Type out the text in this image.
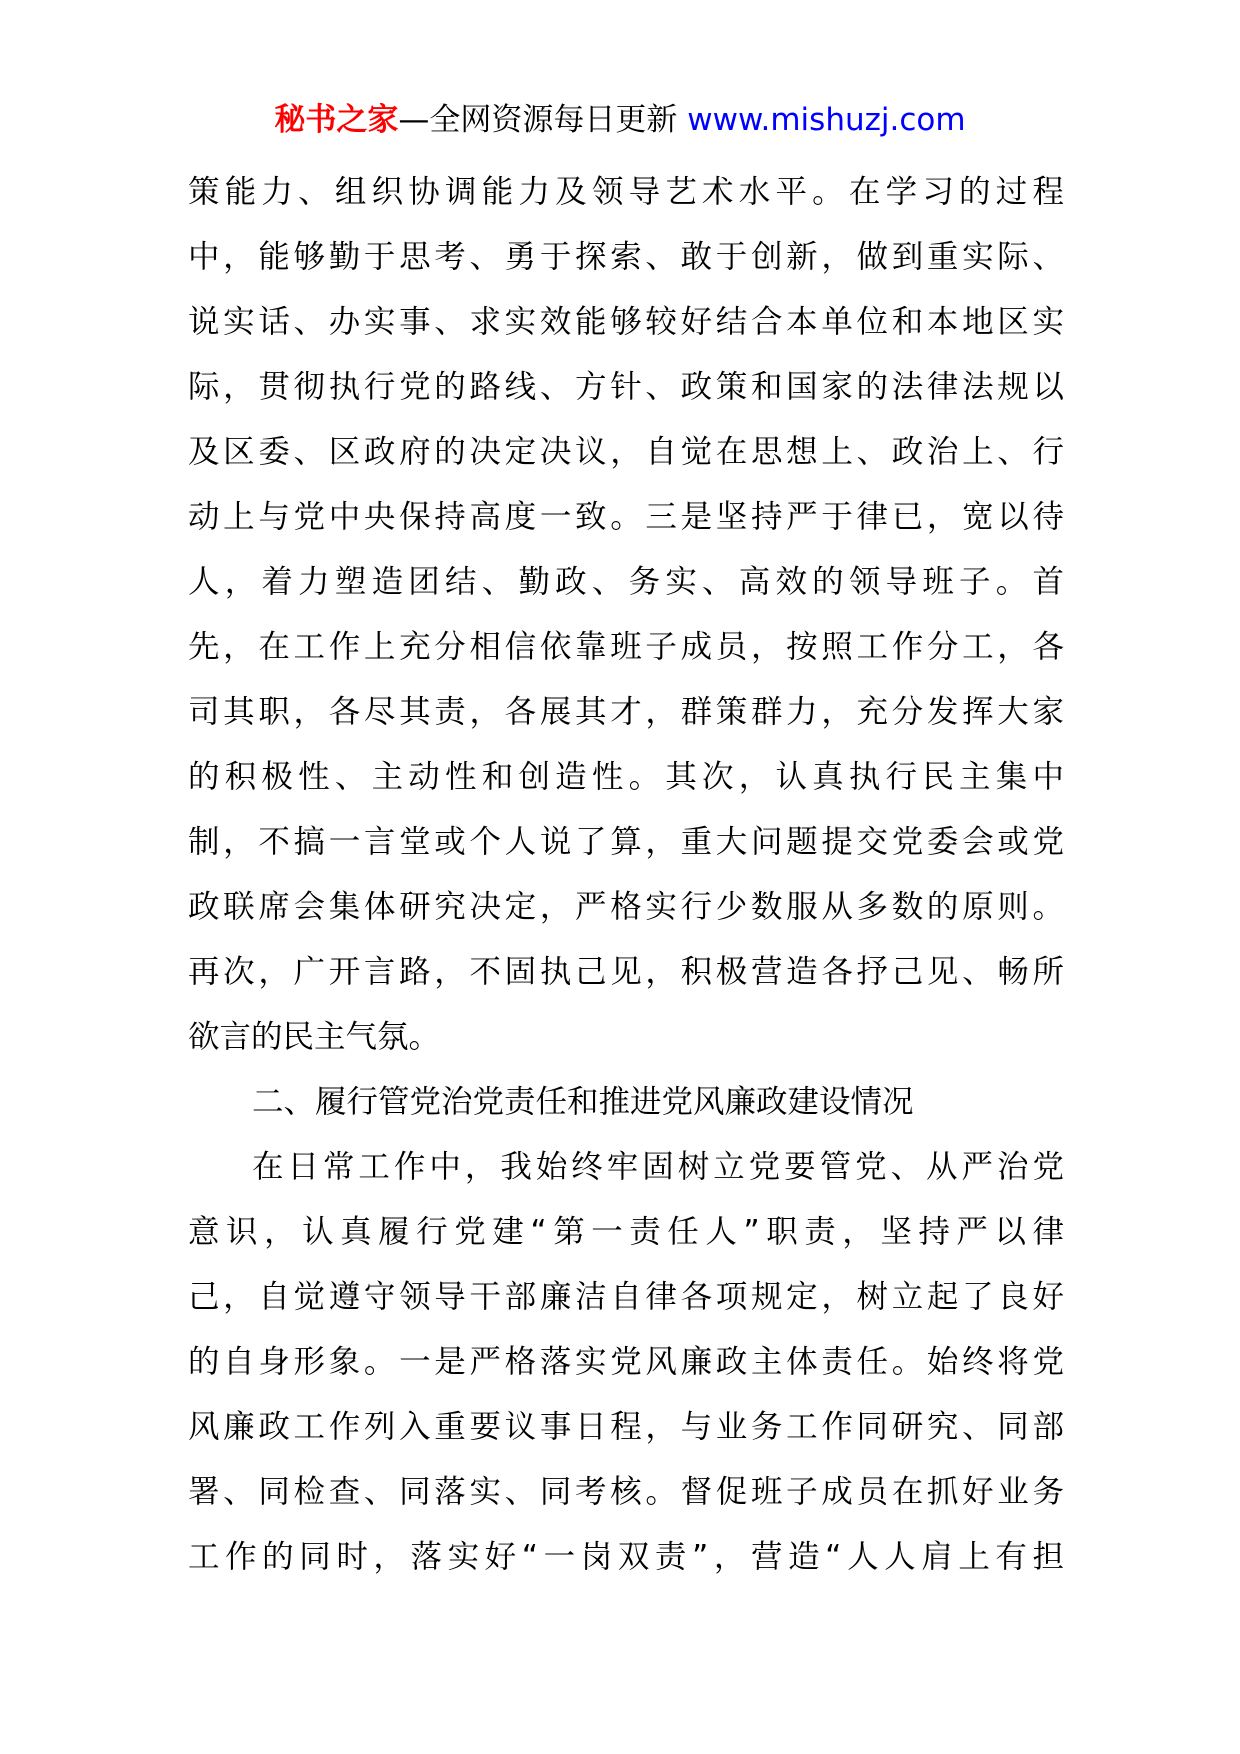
秘书之家—全网资源每日更新 www.mishuzj.com
策能力、组织协调能力及领导艺术水平。在学习的过程
中，能够勤于思考、勇于探索、敢于创新，做到重实际、
说实话、办实事、求实效能够较好结合本单位和本地区实
际，贯彻执行党的路线、方针、政策和国家的法律法规以
及区委、区政府的决定决议，自觉在思想上、政治上、行
动上与党中央保持高度一致。三是坚持严于律已，宽以待
人，着力塑造团结、勤政、务实、高效的领导班子。首
先，在工作上充分相信依靠班子成员，按照工作分工，各
司其职，各尽其责，各展其才，群策群力，充分发挥大家
的积极性、主动性和创造性。其次，认真执行民主集中
制，不搞一言堂或个人说了算，重大问题提交党委会或党
政联席会集体研究决定，严格实行少数服从多数的原则。
再次，广开言路，不固执己见，积极营造各抒己见、畅所
欲言的民主气氛。
二、履行管党治党责任和推进党风廉政建设情况
在日常工作中，我始终牢固树立党要管党、从严治党
意识，认真履行党建“第一责任人”职责，坚持严以律
己，自觉遵守领导干部廉洁自律各项规定，树立起了良好
的自身形象。一是严格落实党风廉政主体责任。始终将党
风廉政工作列入重要议事日程，与业务工作同研究、同部
署、同检查、同落实、同考核。督促班子成员在抓好业务
工作的同时，落实好“一岗双责”，营造“人人肩上有担
